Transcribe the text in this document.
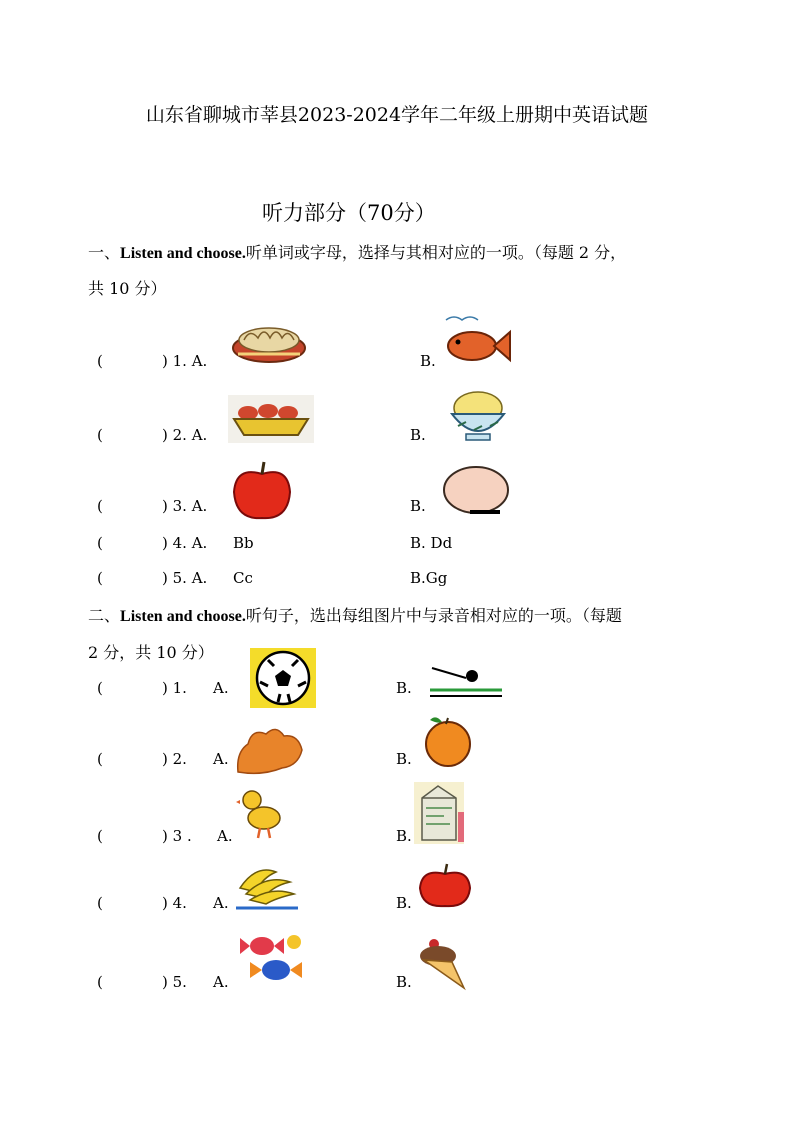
山东省聊城市莘县2023-2024学年二年级上册期中英语试题
听力部分（70分）
一、Listen and choose.听单词或字母，选择与其相对应的一项。（每题 2 分，
共 10 分）
(	) 1. A.	B.
(	) 2. A.	B.
(	) 3. A.	B.
(	) 4. A. Bb	B. Dd
(	) 5. A. Cc	B.Gg
二、Listen and choose.听句子，选出每组图片中与录音相对应的一项。（每题
2 分，共 10 分）
(	) 1. A.	B.
(	) 2. A.	B.
(	) 3 . A.	B.
(	) 4. A.	B.
(	) 5. A.	B.
